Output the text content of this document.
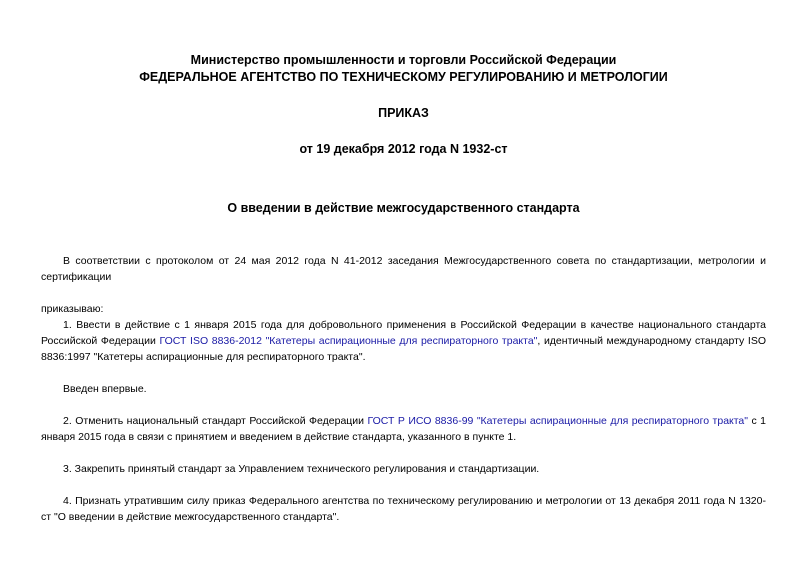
Министерство промышленности и торговли Российской Федерации
ФЕДЕРАЛЬНОЕ АГЕНТСТВО ПО ТЕХНИЧЕСКОМУ РЕГУЛИРОВАНИЮ И МЕТРОЛОГИИ
ПРИКАЗ
от 19 декабря 2012 года N 1932-ст
О введении в действие межгосударственного стандарта

В соответствии с протоколом от 24 мая 2012 года N 41-2012 заседания Межгосударственного совета по стандартизации, метрологии и сертификации

приказываю:

1. Ввести в действие с 1 января 2015 года для добровольного применения в Российской Федерации в качестве национального стандарта Российской Федерации ГОСТ ISO 8836-2012 "Катетеры аспирационные для респираторного тракта", идентичный международному стандарту ISO 8836:1997 "Катетеры аспирационные для респираторного тракта".

Введен впервые.

2. Отменить национальный стандарт Российской Федерации ГОСТ Р ИСО 8836-99 "Катетеры аспирационные для респираторного тракта" с 1 января 2015 года в связи с принятием и введением в действие стандарта, указанного в пункте 1.

3. Закрепить принятый стандарт за Управлением технического регулирования и стандартизации.

4. Признать утратившим силу приказ Федерального агентства по техническому регулированию и метрологии от 13 декабря 2011 года N 1320-ст "О введении в действие межгосударственного стандарта".
